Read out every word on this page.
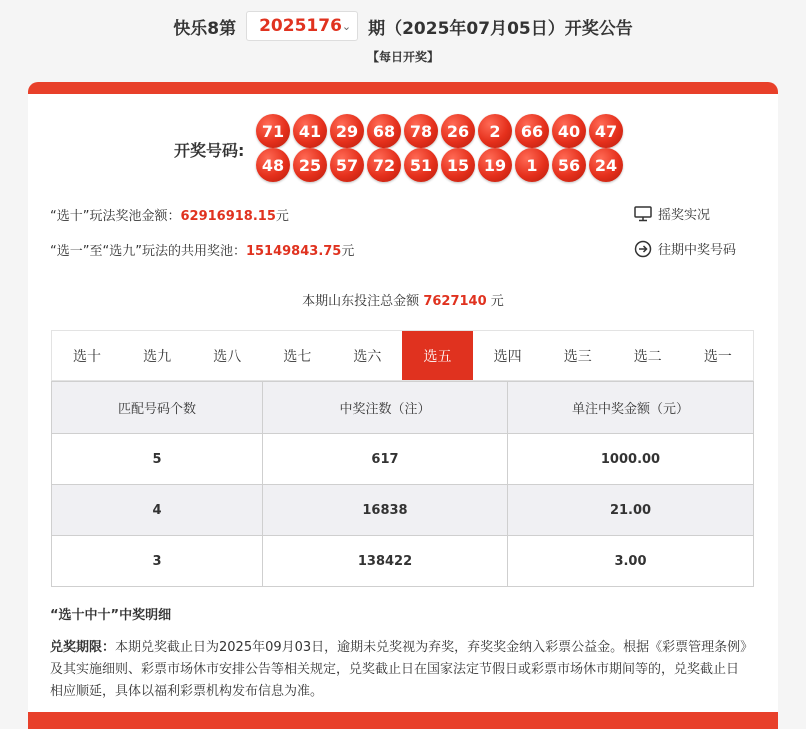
快乐8第 2025176 ⌄ 期（2025年07月05日）开奖公告
【每日开奖】
开奖号码:
71 41 29 68 78 26	2	66 40 47
48 25 57 72 51 15 19	1	56 24
“选十”玩法奖池金额：62916918.15元
“选一”至“选九”玩法的共用奖池：15149843.75元
摇奖实况
往期中奖号码
本期山东投注总金额 7627140 元
选十	选九	选八	选七	选六	选五	选四	选三	选二	选一
匹配号码个数	中奖注数（注）	单注中奖金额（元）
5	617	1000.00
4	16838	21.00
3	138422	3.00
“选十中十”中奖明细
兑奖期限：本期兑奖截止日为2025年09月03日，逾期未兑奖视为弃奖，弃奖奖金纳入彩票公益金。根据《彩票管理条例》及其实施细则、彩票市场休市安排公告等相关规定，兑奖截止日在国家法定节假日或彩票市场休市期间等的，兑奖截止日相应顺延，具体以福利彩票机构发布信息为准。
